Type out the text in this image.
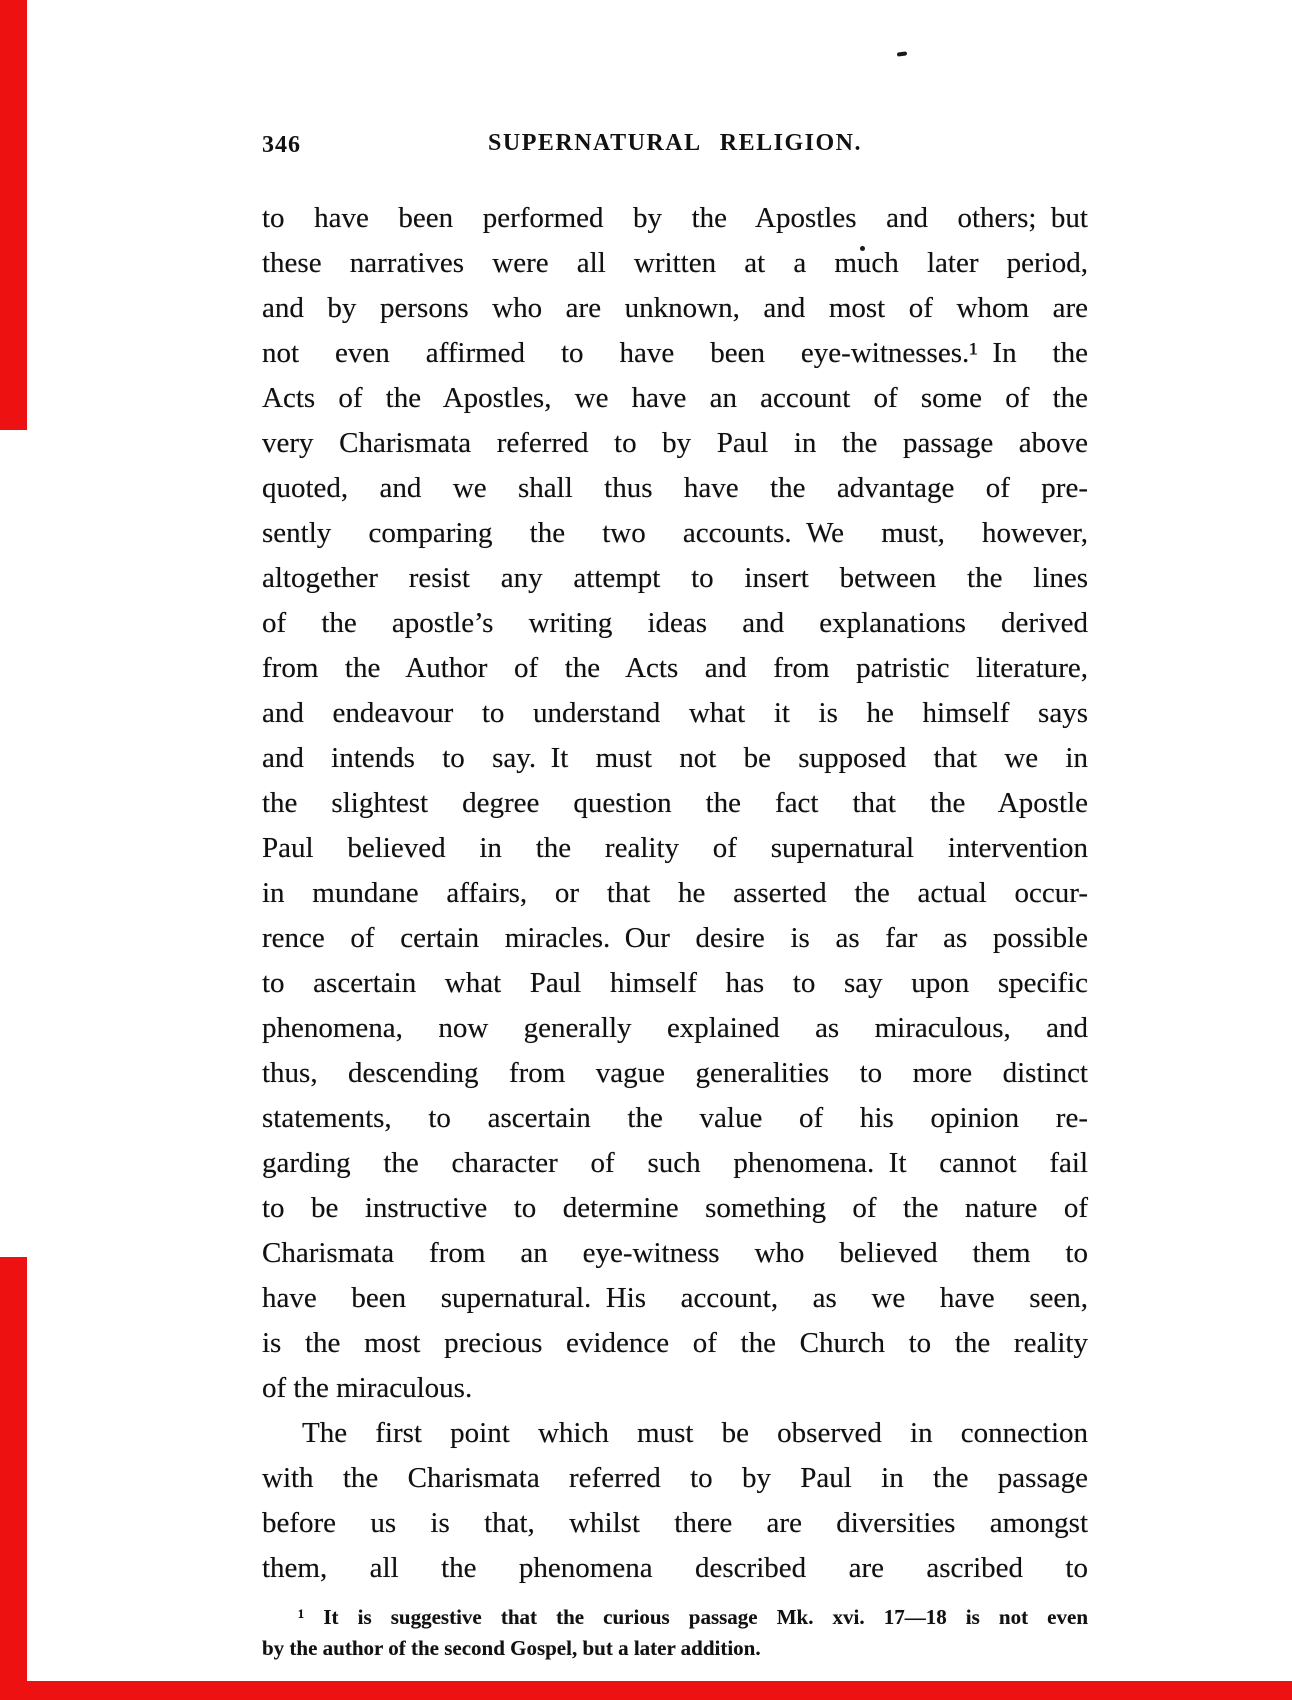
346	SUPERNATURAL RELIGION.
to have been performed by the Apostles and others; but
these narratives were all written at a much later period,
and by persons who are unknown, and most of whom are
not even affirmed to have been eye-witnesses.¹ In the
Acts of the Apostles, we have an account of some of the
very Charismata referred to by Paul in the passage above
quoted, and we shall thus have the advantage of pre-
sently comparing the two accounts. We must, however,
altogether resist any attempt to insert between the lines
of the apostle’s writing ideas and explanations derived
from the Author of the Acts and from patristic literature,
and endeavour to understand what it is he himself says
and intends to say. It must not be supposed that we in
the slightest degree question the fact that the Apostle
Paul believed in the reality of supernatural intervention
in mundane affairs, or that he asserted the actual occur-
rence of certain miracles. Our desire is as far as possible
to ascertain what Paul himself has to say upon specific
phenomena, now generally explained as miraculous, and
thus, descending from vague generalities to more distinct
statements, to ascertain the value of his opinion re-
garding the character of such phenomena. It cannot fail
to be instructive to determine something of the nature of
Charismata from an eye-witness who believed them to
have been supernatural. His account, as we have seen,
is the most precious evidence of the Church to the reality
of the miraculous.
The first point which must be observed in connection
with the Charismata referred to by Paul in the passage
before us is that, whilst there are diversities amongst
them, all the phenomena described are ascribed to
¹ It is suggestive that the curious passage Mk. xvi. 17—18 is not even
by the author of the second Gospel, but a later addition.
